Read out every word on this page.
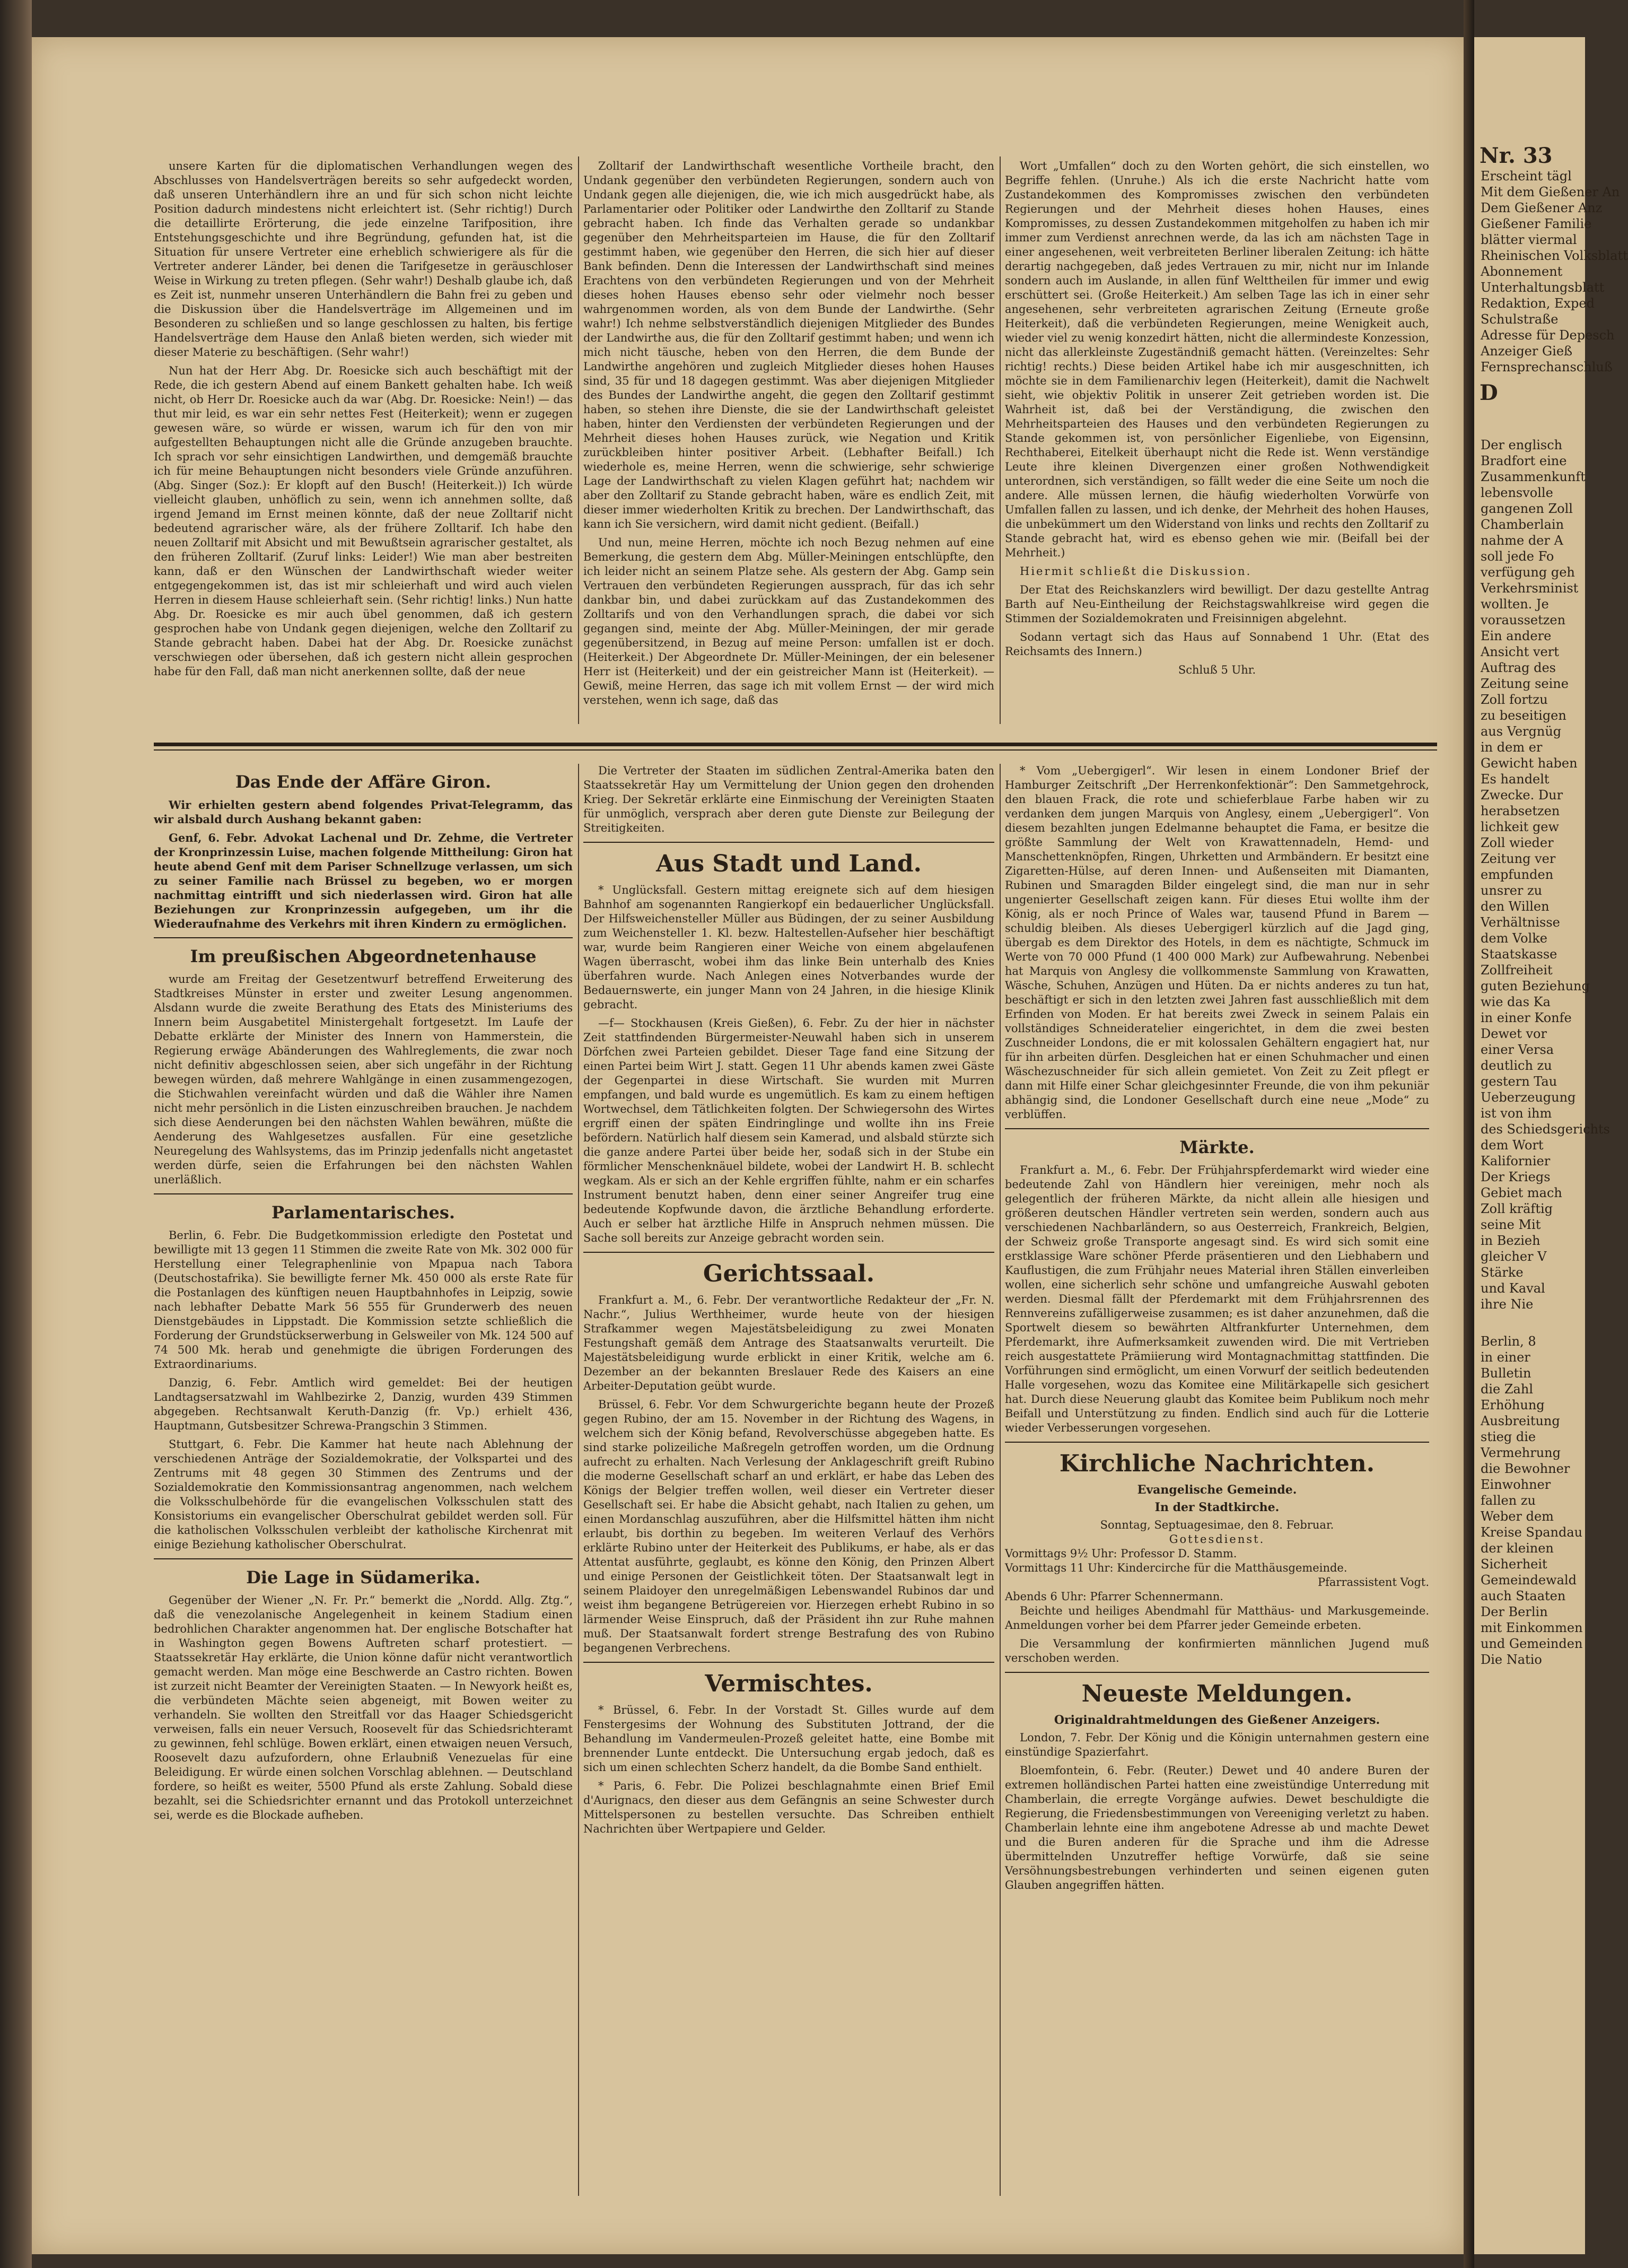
unsere Karten für die diplomatischen Verhandlungen wegen des Abschlusses von Handelsverträgen bereits so sehr aufgedeckt worden, daß unseren Unterhändlern ihre an und für sich schon nicht leichte Position dadurch mindestens nicht erleichtert ist. (Sehr richtig!) Durch die detaillirte Erörterung, die jede einzelne Tarifposition, ihre Entstehungsgeschichte und ihre Begründung, gefunden hat, ist die Situation für unsere Vertreter eine erheblich schwierigere als für die Vertreter anderer Länder, bei denen die Tarifgesetze in geräuschloser Weise in Wirkung zu treten pflegen. (Sehr wahr!) Deshalb glaube ich, daß es Zeit ist, nunmehr unseren Unterhändlern die Bahn frei zu geben und die Diskussion über die Handelsverträge im Allgemeinen und im Besonderen zu schließen und so lange geschlossen zu halten, bis fertige Handelsverträge dem Hause den Anlaß bieten werden, sich wieder mit dieser Materie zu beschäftigen. (Sehr wahr!)

Nun hat der Herr Abg. Dr. Roesicke sich auch beschäftigt mit der Rede, die ich gestern Abend auf einem Bankett gehalten habe. Ich weiß nicht, ob Herr Dr. Roesicke auch da war (Abg. Dr. Roesicke: Nein!) — das thut mir leid, es war ein sehr nettes Fest (Heiterkeit); wenn er zugegen gewesen wäre, so würde er wissen, warum ich für den von mir aufgestellten Behauptungen nicht alle die Gründe anzugeben brauchte. Ich sprach vor sehr einsichtigen Landwirthen, und demgemäß brauchte ich für meine Behauptungen nicht besonders viele Gründe anzuführen. (Abg. Singer (Soz.): Er klopft auf den Busch! (Heiterkeit.)) Ich würde vielleicht glauben, unhöflich zu sein, wenn ich annehmen sollte, daß irgend Jemand im Ernst meinen könnte, daß der neue Zolltarif nicht bedeutend agrarischer wäre, als der frühere Zolltarif. Ich habe den neuen Zolltarif mit Absicht und mit Bewußtsein agrarischer gestaltet, als den früheren Zolltarif. (Zuruf links: Leider!) Wie man aber bestreiten kann, daß er den Wünschen der Landwirthschaft wieder weiter entgegengekommen ist, das ist mir schleierhaft und wird auch vielen Herren in diesem Hause schleierhaft sein. (Sehr richtig! links.) Nun hatte Abg. Dr. Roesicke es mir auch übel genommen, daß ich gestern gesprochen habe von Undank gegen diejenigen, welche den Zolltarif zu Stande gebracht haben. Dabei hat der Abg. Dr. Roesicke zunächst verschwiegen oder übersehen, daß ich gestern nicht allein gesprochen habe für den Fall, daß man nicht anerkennen sollte, daß der neue

Zolltarif der Landwirthschaft wesentliche Vortheile bracht, den Undank gegenüber den verbündeten Regierungen, sondern auch von Undank gegen alle diejenigen, die, wie ich mich ausgedrückt habe, als Parlamentarier oder Politiker oder Landwirthe den Zolltarif zu Stande gebracht haben. Ich finde das Verhalten gerade so undankbar gegenüber den Mehrheitsparteien im Hause, die für den Zolltarif gestimmt haben, wie gegenüber den Herren, die sich hier auf dieser Bank befinden. Denn die Interessen der Landwirthschaft sind meines Erachtens von den verbündeten Regierungen und von der Mehrheit dieses hohen Hauses ebenso sehr oder vielmehr noch besser wahrgenommen worden, als von dem Bunde der Landwirthe. (Sehr wahr!) Ich nehme selbstverständlich diejenigen Mitglieder des Bundes der Landwirthe aus, die für den Zolltarif gestimmt haben; und wenn ich mich nicht täusche, heben von den Herren, die dem Bunde der Landwirthe angehören und zugleich Mitglieder dieses hohen Hauses sind, 35 für und 18 dagegen gestimmt. Was aber diejenigen Mitglieder des Bundes der Landwirthe angeht, die gegen den Zolltarif gestimmt haben, so stehen ihre Dienste, die sie der Landwirthschaft geleistet haben, hinter den Verdiensten der verbündeten Regierungen und der Mehrheit dieses hohen Hauses zurück, wie Negation und Kritik zurückbleiben hinter positiver Arbeit. (Lebhafter Beifall.) Ich wiederhole es, meine Herren, wenn die schwierige, sehr schwierige Lage der Landwirthschaft zu vielen Klagen geführt hat; nachdem wir aber den Zolltarif zu Stande gebracht haben, wäre es endlich Zeit, mit dieser immer wiederholten Kritik zu brechen. Der Landwirthschaft, das kann ich Sie versichern, wird damit nicht gedient. (Beifall.)

Und nun, meine Herren, möchte ich noch Bezug nehmen auf eine Bemerkung, die gestern dem Abg. Müller-Meiningen entschlüpfte, den ich leider nicht an seinem Platze sehe. Als gestern der Abg. Gamp sein Vertrauen den verbündeten Regierungen aussprach, für das ich sehr dankbar bin, und dabei zurückkam auf das Zustandekommen des Zolltarifs und von den Verhandlungen sprach, die dabei vor sich gegangen sind, meinte der Abg. Müller-Meiningen, der mir gerade gegenübersitzend, in Bezug auf meine Person: umfallen ist er doch. (Heiterkeit.) Der Abgeordnete Dr. Müller-Meiningen, der ein belesener Herr ist (Heiterkeit) und der ein geistreicher Mann ist (Heiterkeit). — Gewiß, meine Herren, das sage ich mit vollem Ernst — der wird mich verstehen, wenn ich sage, daß das

Wort „Umfallen“ doch zu den Worten gehört, die sich einstellen, wo Begriffe fehlen. (Unruhe.) Als ich die erste Nachricht hatte vom Zustandekommen des Kompromisses zwischen den verbündeten Regierungen und der Mehrheit dieses hohen Hauses, eines Kompromisses, zu dessen Zustandekommen mitgeholfen zu haben ich mir immer zum Verdienst anrechnen werde, da las ich am nächsten Tage in einer angesehenen, weit verbreiteten Berliner liberalen Zeitung: ich hätte derartig nachgegeben, daß jedes Vertrauen zu mir, nicht nur im Inlande sondern auch im Auslande, in allen fünf Welttheilen für immer und ewig erschüttert sei. (Große Heiterkeit.) Am selben Tage las ich in einer sehr angesehenen, sehr verbreiteten agrarischen Zeitung (Erneute große Heiterkeit), daß die verbündeten Regierungen, meine Wenigkeit auch, wieder viel zu wenig konzedirt hätten, nicht die allermindeste Konzession, nicht das allerkleinste Zugeständniß gemacht hätten. (Vereinzeltes: Sehr richtig! rechts.) Diese beiden Artikel habe ich mir ausgeschnitten, ich möchte sie in dem Familienarchiv legen (Heiterkeit), damit die Nachwelt sieht, wie objektiv Politik in unserer Zeit getrieben worden ist. Die Wahrheit ist, daß bei der Verständigung, die zwischen den Mehrheitsparteien des Hauses und den verbündeten Regierungen zu Stande gekommen ist, von persönlicher Eigenliebe, von Eigensinn, Rechthaberei, Eitelkeit überhaupt nicht die Rede ist. Wenn verständige Leute ihre kleinen Divergenzen einer großen Nothwendigkeit unterordnen, sich verständigen, so fällt weder die eine Seite um noch die andere. Alle müssen lernen, die häufig wiederholten Vorwürfe von Umfallen fallen zu lassen, und ich denke, der Mehrheit des hohen Hauses, die unbekümmert um den Widerstand von links und rechts den Zolltarif zu Stande gebracht hat, wird es ebenso gehen wie mir. (Beifall bei der Mehrheit.)

Hiermit schließt die Diskussion.

Der Etat des Reichskanzlers wird bewilligt. Der dazu gestellte Antrag Barth auf Neu-Eintheilung der Reichstagswahlkreise wird gegen die Stimmen der Sozialdemokraten und Freisinnigen abgelehnt.

Sodann vertagt sich das Haus auf Sonnabend 1 Uhr. (Etat des Reichsamts des Innern.)

Schluß 5 Uhr.

Das Ende der Affäre Giron.

Wir erhielten gestern abend folgendes Privat-Telegramm, das wir alsbald durch Aushang bekannt gaben:

Genf, 6. Febr. Advokat Lachenal und Dr. Zehme, die Vertreter der Kronprinzessin Luise, machen folgende Mittheilung: Giron hat heute abend Genf mit dem Pariser Schnellzuge verlassen, um sich zu seiner Familie nach Brüssel zu begeben, wo er morgen nachmittag eintrifft und sich niederlassen wird. Giron hat alle Beziehungen zur Kronprinzessin aufgegeben, um ihr die Wiederaufnahme des Verkehrs mit ihren Kindern zu ermöglichen.

Im preußischen Abgeordnetenhause

wurde am Freitag der Gesetzentwurf betreffend Erweiterung des Stadtkreises Münster in erster und zweiter Lesung angenommen. Alsdann wurde die zweite Berathung des Etats des Ministeriums des Innern beim Ausgabetitel Ministergehalt fortgesetzt. Im Laufe der Debatte erklärte der Minister des Innern von Hammerstein, die Regierung erwäge Abänderungen des Wahlreglements, die zwar noch nicht definitiv abgeschlossen seien, aber sich ungefähr in der Richtung bewegen würden, daß mehrere Wahlgänge in einen zusammengezogen, die Stichwahlen vereinfacht würden und daß die Wähler ihre Namen nicht mehr persönlich in die Listen einzuschreiben brauchen. Je nachdem sich diese Aenderungen bei den nächsten Wahlen bewähren, müßte die Aenderung des Wahlgesetzes ausfallen. Für eine gesetzliche Neuregelung des Wahlsystems, das im Prinzip jedenfalls nicht angetastet werden dürfe, seien die Erfahrungen bei den nächsten Wahlen unerläßlich.

Parlamentarisches.

Berlin, 6. Febr. Die Budgetkommission erledigte den Postetat und bewilligte mit 13 gegen 11 Stimmen die zweite Rate von Mk. 302 000 für Herstellung einer Telegraphenlinie von Mpapua nach Tabora (Deutschostafrika). Sie bewilligte ferner Mk. 450 000 als erste Rate für die Postanlagen des künftigen neuen Hauptbahnhofes in Leipzig, sowie nach lebhafter Debatte Mark 56 555 für Grunderwerb des neuen Dienstgebäudes in Lippstadt. Die Kommission setzte schließlich die Forderung der Grundstückserwerbung in Gelsweiler von Mk. 124 500 auf 74 500 Mk. herab und genehmigte die übrigen Forderungen des Extraordinariums.

Danzig, 6. Febr. Amtlich wird gemeldet: Bei der heutigen Landtagsersatzwahl im Wahlbezirke 2, Danzig, wurden 439 Stimmen abgegeben. Rechtsanwalt Keruth-Danzig (fr. Vp.) erhielt 436, Hauptmann, Gutsbesitzer Schrewa-Prangschin 3 Stimmen.

Stuttgart, 6. Febr. Die Kammer hat heute nach Ablehnung der verschiedenen Anträge der Sozialdemokratie, der Volkspartei und des Zentrums mit 48 gegen 30 Stimmen des Zentrums und der Sozialdemokratie den Kommissionsantrag angenommen, nach welchem die Volksschulbehörde für die evangelischen Volksschulen statt des Konsistoriums ein evangelischer Oberschulrat gebildet werden soll. Für die katholischen Volksschulen verbleibt der katholische Kirchenrat mit einige Beziehung katholischer Oberschulrat.

Die Lage in Südamerika.

Gegenüber der Wiener „N. Fr. Pr.“ bemerkt die „Nordd. Allg. Ztg.“, daß die venezolanische Angelegenheit in keinem Stadium einen bedrohlichen Charakter angenommen hat. Der englische Botschafter hat in Washington gegen Bowens Auftreten scharf protestiert. — Staatssekretär Hay erklärte, die Union könne dafür nicht verantwortlich gemacht werden. Man möge eine Beschwerde an Castro richten. Bowen ist zurzeit nicht Beamter der Vereinigten Staaten. — In Newyork heißt es, die verbündeten Mächte seien abgeneigt, mit Bowen weiter zu verhandeln. Sie wollten den Streitfall vor das Haager Schiedsgericht verweisen, falls ein neuer Versuch, Roosevelt für das Schiedsrichteramt zu gewinnen, fehl schlüge. Bowen erklärt, einen etwaigen neuen Versuch, Roosevelt dazu aufzufordern, ohne Erlaubniß Venezuelas für eine Beleidigung. Er würde einen solchen Vorschlag ablehnen. — Deutschland fordere, so heißt es weiter, 5500 Pfund als erste Zahlung. Sobald diese bezahlt, sei die Schiedsrichter ernannt und das Protokoll unterzeichnet sei, werde es die Blockade aufheben.

Die Vertreter der Staaten im südlichen Zentral-Amerika baten den Staatssekretär Hay um Vermittelung der Union gegen den drohenden Krieg. Der Sekretär erklärte eine Einmischung der Vereinigten Staaten für unmöglich, versprach aber deren gute Dienste zur Beilegung der Streitigkeiten.

Aus Stadt und Land.

* Unglücksfall. Gestern mittag ereignete sich auf dem hiesigen Bahnhof am sogenannten Rangierkopf ein bedauerlicher Unglücksfall. Der Hilfsweichensteller Müller aus Büdingen, der zu seiner Ausbildung zum Weichensteller 1. Kl. bezw. Haltestellen-Aufseher hier beschäftigt war, wurde beim Rangieren einer Weiche von einem abgelaufenen Wagen überrascht, wobei ihm das linke Bein unterhalb des Knies überfahren wurde. Nach Anlegen eines Notverbandes wurde der Bedauernswerte, ein junger Mann von 24 Jahren, in die hiesige Klinik gebracht.

—f— Stockhausen (Kreis Gießen), 6. Febr. Zu der hier in nächster Zeit stattfindenden Bürgermeister-Neuwahl haben sich in unserem Dörfchen zwei Parteien gebildet. Dieser Tage fand eine Sitzung der einen Partei beim Wirt J. statt. Gegen 11 Uhr abends kamen zwei Gäste der Gegenpartei in diese Wirtschaft. Sie wurden mit Murren empfangen, und bald wurde es ungemütlich. Es kam zu einem heftigen Wortwechsel, dem Tätlichkeiten folgten. Der Schwiegersohn des Wirtes ergriff einen der späten Eindringlinge und wollte ihn ins Freie befördern. Natürlich half diesem sein Kamerad, und alsbald stürzte sich die ganze andere Partei über beide her, sodaß sich in der Stube ein förmlicher Menschenknäuel bildete, wobei der Landwirt H. B. schlecht wegkam. Als er sich an der Kehle ergriffen fühlte, nahm er ein scharfes Instrument benutzt haben, denn einer seiner Angreifer trug eine bedeutende Kopfwunde davon, die ärztliche Behandlung erforderte. Auch er selber hat ärztliche Hilfe in Anspruch nehmen müssen. Die Sache soll bereits zur Anzeige gebracht worden sein.

Gerichtssaal.

Frankfurt a. M., 6. Febr. Der verantwortliche Redakteur der „Fr. N. Nachr.“, Julius Werthheimer, wurde heute von der hiesigen Strafkammer wegen Majestätsbeleidigung zu zwei Monaten Festungshaft gemäß dem Antrage des Staatsanwalts verurteilt. Die Majestätsbeleidigung wurde erblickt in einer Kritik, welche am 6. Dezember an der bekannten Breslauer Rede des Kaisers an eine Arbeiter-Deputation geübt wurde.

Brüssel, 6. Febr. Vor dem Schwurgerichte begann heute der Prozeß gegen Rubino, der am 15. November in der Richtung des Wagens, in welchem sich der König befand, Revolverschüsse abgegeben hatte. Es sind starke polizeiliche Maßregeln getroffen worden, um die Ordnung aufrecht zu erhalten. Nach Verlesung der Anklageschrift greift Rubino die moderne Gesellschaft scharf an und erklärt, er habe das Leben des Königs der Belgier treffen wollen, weil dieser ein Vertreter dieser Gesellschaft sei. Er habe die Absicht gehabt, nach Italien zu gehen, um einen Mordanschlag auszuführen, aber die Hilfsmittel hätten ihm nicht erlaubt, bis dorthin zu begeben. Im weiteren Verlauf des Verhörs erklärte Rubino unter der Heiterkeit des Publikums, er habe, als er das Attentat ausführte, geglaubt, es könne den König, den Prinzen Albert und einige Personen der Geistlichkeit töten. Der Staatsanwalt legt in seinem Plaidoyer den unregelmäßigen Lebenswandel Rubinos dar und weist ihm begangene Betrügereien vor. Hierzegen erhebt Rubino in so lärmender Weise Einspruch, daß der Präsident ihn zur Ruhe mahnen muß. Der Staatsanwalt fordert strenge Bestrafung des von Rubino begangenen Verbrechens.

Vermischtes.

* Brüssel, 6. Febr. In der Vorstadt St. Gilles wurde auf dem Fenstergesims der Wohnung des Substituten Jottrand, der die Behandlung im Vandermeulen-Prozeß geleitet hatte, eine Bombe mit brennender Lunte entdeckt. Die Untersuchung ergab jedoch, daß es sich um einen schlechten Scherz handelt, da die Bombe Sand enthielt.

* Paris, 6. Febr. Die Polizei beschlagnahmte einen Brief Emil d'Aurignacs, den dieser aus dem Gefängnis an seine Schwester durch Mittelspersonen zu bestellen versuchte. Das Schreiben enthielt Nachrichten über Wertpapiere und Gelder.

* Vom „Uebergigerl“. Wir lesen in einem Londoner Brief der Hamburger Zeitschrift „Der Herrenkonfektionär“: Den Sammetgehrock, den blauen Frack, die rote und schieferblaue Farbe haben wir zu verdanken dem jungen Marquis von Anglesy, einem „Uebergigerl“. Von diesem bezahlten jungen Edelmanne behauptet die Fama, er besitze die größte Sammlung der Welt von Krawattennadeln, Hemd- und Manschettenknöpfen, Ringen, Uhrketten und Armbändern. Er besitzt eine Zigaretten-Hülse, auf deren Innen- und Außenseiten mit Diamanten, Rubinen und Smaragden Bilder eingelegt sind, die man nur in sehr ungenierter Gesellschaft zeigen kann. Für dieses Etui wollte ihm der König, als er noch Prince of Wales war, tausend Pfund in Barem — schuldig bleiben. Als dieses Uebergigerl kürzlich auf die Jagd ging, übergab es dem Direktor des Hotels, in dem es nächtigte, Schmuck im Werte von 70 000 Pfund (1 400 000 Mark) zur Aufbewahrung. Nebenbei hat Marquis von Anglesy die vollkommenste Sammlung von Krawatten, Wäsche, Schuhen, Anzügen und Hüten. Da er nichts anderes zu tun hat, beschäftigt er sich in den letzten zwei Jahren fast ausschließlich mit dem Erfinden von Moden. Er hat bereits zwei Zweck in seinem Palais ein vollständiges Schneideratelier eingerichtet, in dem die zwei besten Zuschneider Londons, die er mit kolossalen Gehältern engagiert hat, nur für ihn arbeiten dürfen. Desgleichen hat er einen Schuhmacher und einen Wäschezuschneider für sich allein gemietet. Von Zeit zu Zeit pflegt er dann mit Hilfe einer Schar gleichgesinnter Freunde, die von ihm pekuniär abhängig sind, die Londoner Gesellschaft durch eine neue „Mode“ zu verblüffen.

Märkte.

Frankfurt a. M., 6. Febr. Der Frühjahrspferdemarkt wird wieder eine bedeutende Zahl von Händlern hier vereinigen, mehr noch als gelegentlich der früheren Märkte, da nicht allein alle hiesigen und größeren deutschen Händler vertreten sein werden, sondern auch aus verschiedenen Nachbarländern, so aus Oesterreich, Frankreich, Belgien, der Schweiz große Transporte angesagt sind. Es wird sich somit eine erstklassige Ware schöner Pferde präsentieren und den Liebhabern und Kauflustigen, die zum Frühjahr neues Material ihren Ställen einverleiben wollen, eine sicherlich sehr schöne und umfangreiche Auswahl geboten werden. Diesmal fällt der Pferdemarkt mit dem Frühjahrsrennen des Rennvereins zufälligerweise zusammen; es ist daher anzunehmen, daß die Sportwelt diesem so bewährten Altfrankfurter Unternehmen, dem Pferdemarkt, ihre Aufmerksamkeit zuwenden wird. Die mit Vertrieben reich ausgestattete Prämiierung wird Montagnachmittag stattfinden. Die Vorführungen sind ermöglicht, um einen Vorwurf der seitlich bedeutenden Halle vorgesehen, wozu das Komitee eine Militärkapelle sich gesichert hat. Durch diese Neuerung glaubt das Komitee beim Publikum noch mehr Beifall und Unterstützung zu finden. Endlich sind auch für die Lotterie wieder Verbesserungen vorgesehen.

Kirchliche Nachrichten.
Evangelische Gemeinde.
In der Stadtkirche.
Sonntag, Septuagesimae, den 8. Februar.
Gottesdienst.
Vormittags 9½ Uhr: Professor D. Stamm.
Vormittags 11 Uhr: Kindercirche für die Matthäusgemeinde.
Pfarrassistent Vogt.
Abends 6 Uhr: Pfarrer Schennermann.

Beichte und heiliges Abendmahl für Matthäus- und Markusgemeinde. Anmeldungen vorher bei dem Pfarrer jeder Gemeinde erbeten.

Die Versammlung der konfirmierten männlichen Jugend muß verschoben werden.

Neueste Meldungen.
Originaldrahtmeldungen des Gießener Anzeigers.

London, 7. Febr. Der König und die Königin unternahmen gestern eine einstündige Spazierfahrt.

Bloemfontein, 6. Febr. (Reuter.) Dewet und 40 andere Buren der extremen holländischen Partei hatten eine zweistündige Unterredung mit Chamberlain, die erregte Vorgänge aufwies. Dewet beschuldigte die Regierung, die Friedensbestimmungen von Vereeniging verletzt zu haben. Chamberlain lehnte eine ihm angebotene Adresse ab und machte Dewet und die Buren anderen für die Sprache und ihm die Adresse übermittelnden Unzutreffer heftige Vorwürfe, daß sie seine Versöhnungsbestrebungen verhinderten und seinen eigenen guten Glauben angegriffen hätten.

Nr. 33
Erscheint tägl
Mit dem Gießener An
Dem Gießener Anz
Gießener Familie
blätter viermal
Rheinischen Volksblatt
Abonnement
Unterhaltungsblatt
Redaktion, Exped
Schulstraße
Adresse für Depesch
Anzeiger Gieß
Fernsprechanschluß
D
Der englisch
Bradfort eine
Zusammenkunft
lebensvolle
gangenen Zoll
Chamberlain
nahme der A
soll jede Fo
verfügung geh
Verkehrsminist
wollten. Je
voraussetzen
Ein andere
Ansicht vert
Auftrag des
Zeitung seine
Zoll fortzu
zu beseitigen
aus Vergnüg
in dem er
Gewicht haben
Es handelt
Zwecke. Dur
herabsetzen
lichkeit gew
Zoll wieder
Zeitung ver
empfunden
unsrer zu
den Willen
Verhältnisse
dem Volke
Staatskasse
Zollfreiheit
guten Beziehung
wie das Ka
in einer Konfe
Dewet vor
einer Versa
deutlich zu
gestern Tau
Ueberzeugung
ist von ihm
des Schiedsgerichts
dem Wort
Kalifornier
Der Kriegs
Gebiet mach
Zoll kräftig
seine Mit
in Bezieh
gleicher V
Stärke
und Kaval
ihre Nie
Berlin, 8
in einer
Bulletin
die Zahl
Erhöhung
Ausbreitung
stieg die
Vermehrung
die Bewohner
Einwohner
fallen zu
Weber dem
Kreise Spandau
der kleinen
Sicherheit
Gemeindewald
auch Staaten
Der Berlin
mit Einkommen
und Gemeinden
Die Natio
